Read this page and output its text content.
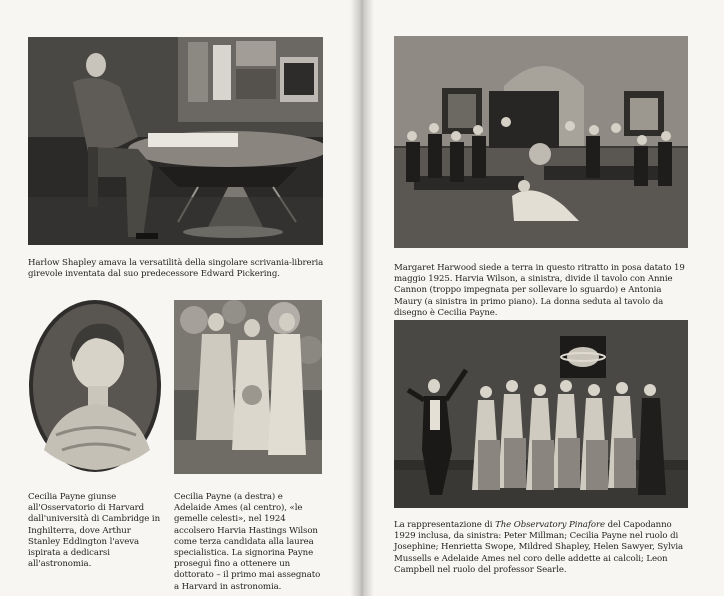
Harlow Shapley amava la versatilità della singolare scrivania-libreria girevole inventata dal suo predecessore Edward Pickering.

Cecilia Payne giunse all'Osservatorio di Harvard dall'università di Cambridge in Inghilterra, dove Arthur Stanley Eddington l'aveva ispirata a dedicarsi all'astronomia.

Cecilia Payne (a destra) e Adelaide Ames (al centro), «le gemelle celesti», nel 1924 accolsero Harvia Hastings Wilson come terza candidata alla laurea specialistica. La signorina Payne proseguì fino a ottenere un dottorato – il primo mai assegnato a Harvard in astronomia.

Margaret Harwood siede a terra in questo ritratto in posa datato 19 maggio 1925. Harvia Wilson, a sinistra, divide il tavolo con Annie Cannon (troppo impegnata per sollevare lo sguardo) e Antonia Maury (a sinistra in primo piano). La donna seduta al tavolo da disegno è Cecilia Payne.

La rappresentazione di The Observatory Pinafore del Capodanno 1929 inclusa, da sinistra: Peter Millman; Cecilia Payne nel ruolo di Josephine; Henrietta Swope, Mildred Shapley, Helen Sawyer, Sylvia Mussells e Adelaide Ames nel coro delle addette ai calcoli; Leon Campbell nel ruolo del professor Searle.
